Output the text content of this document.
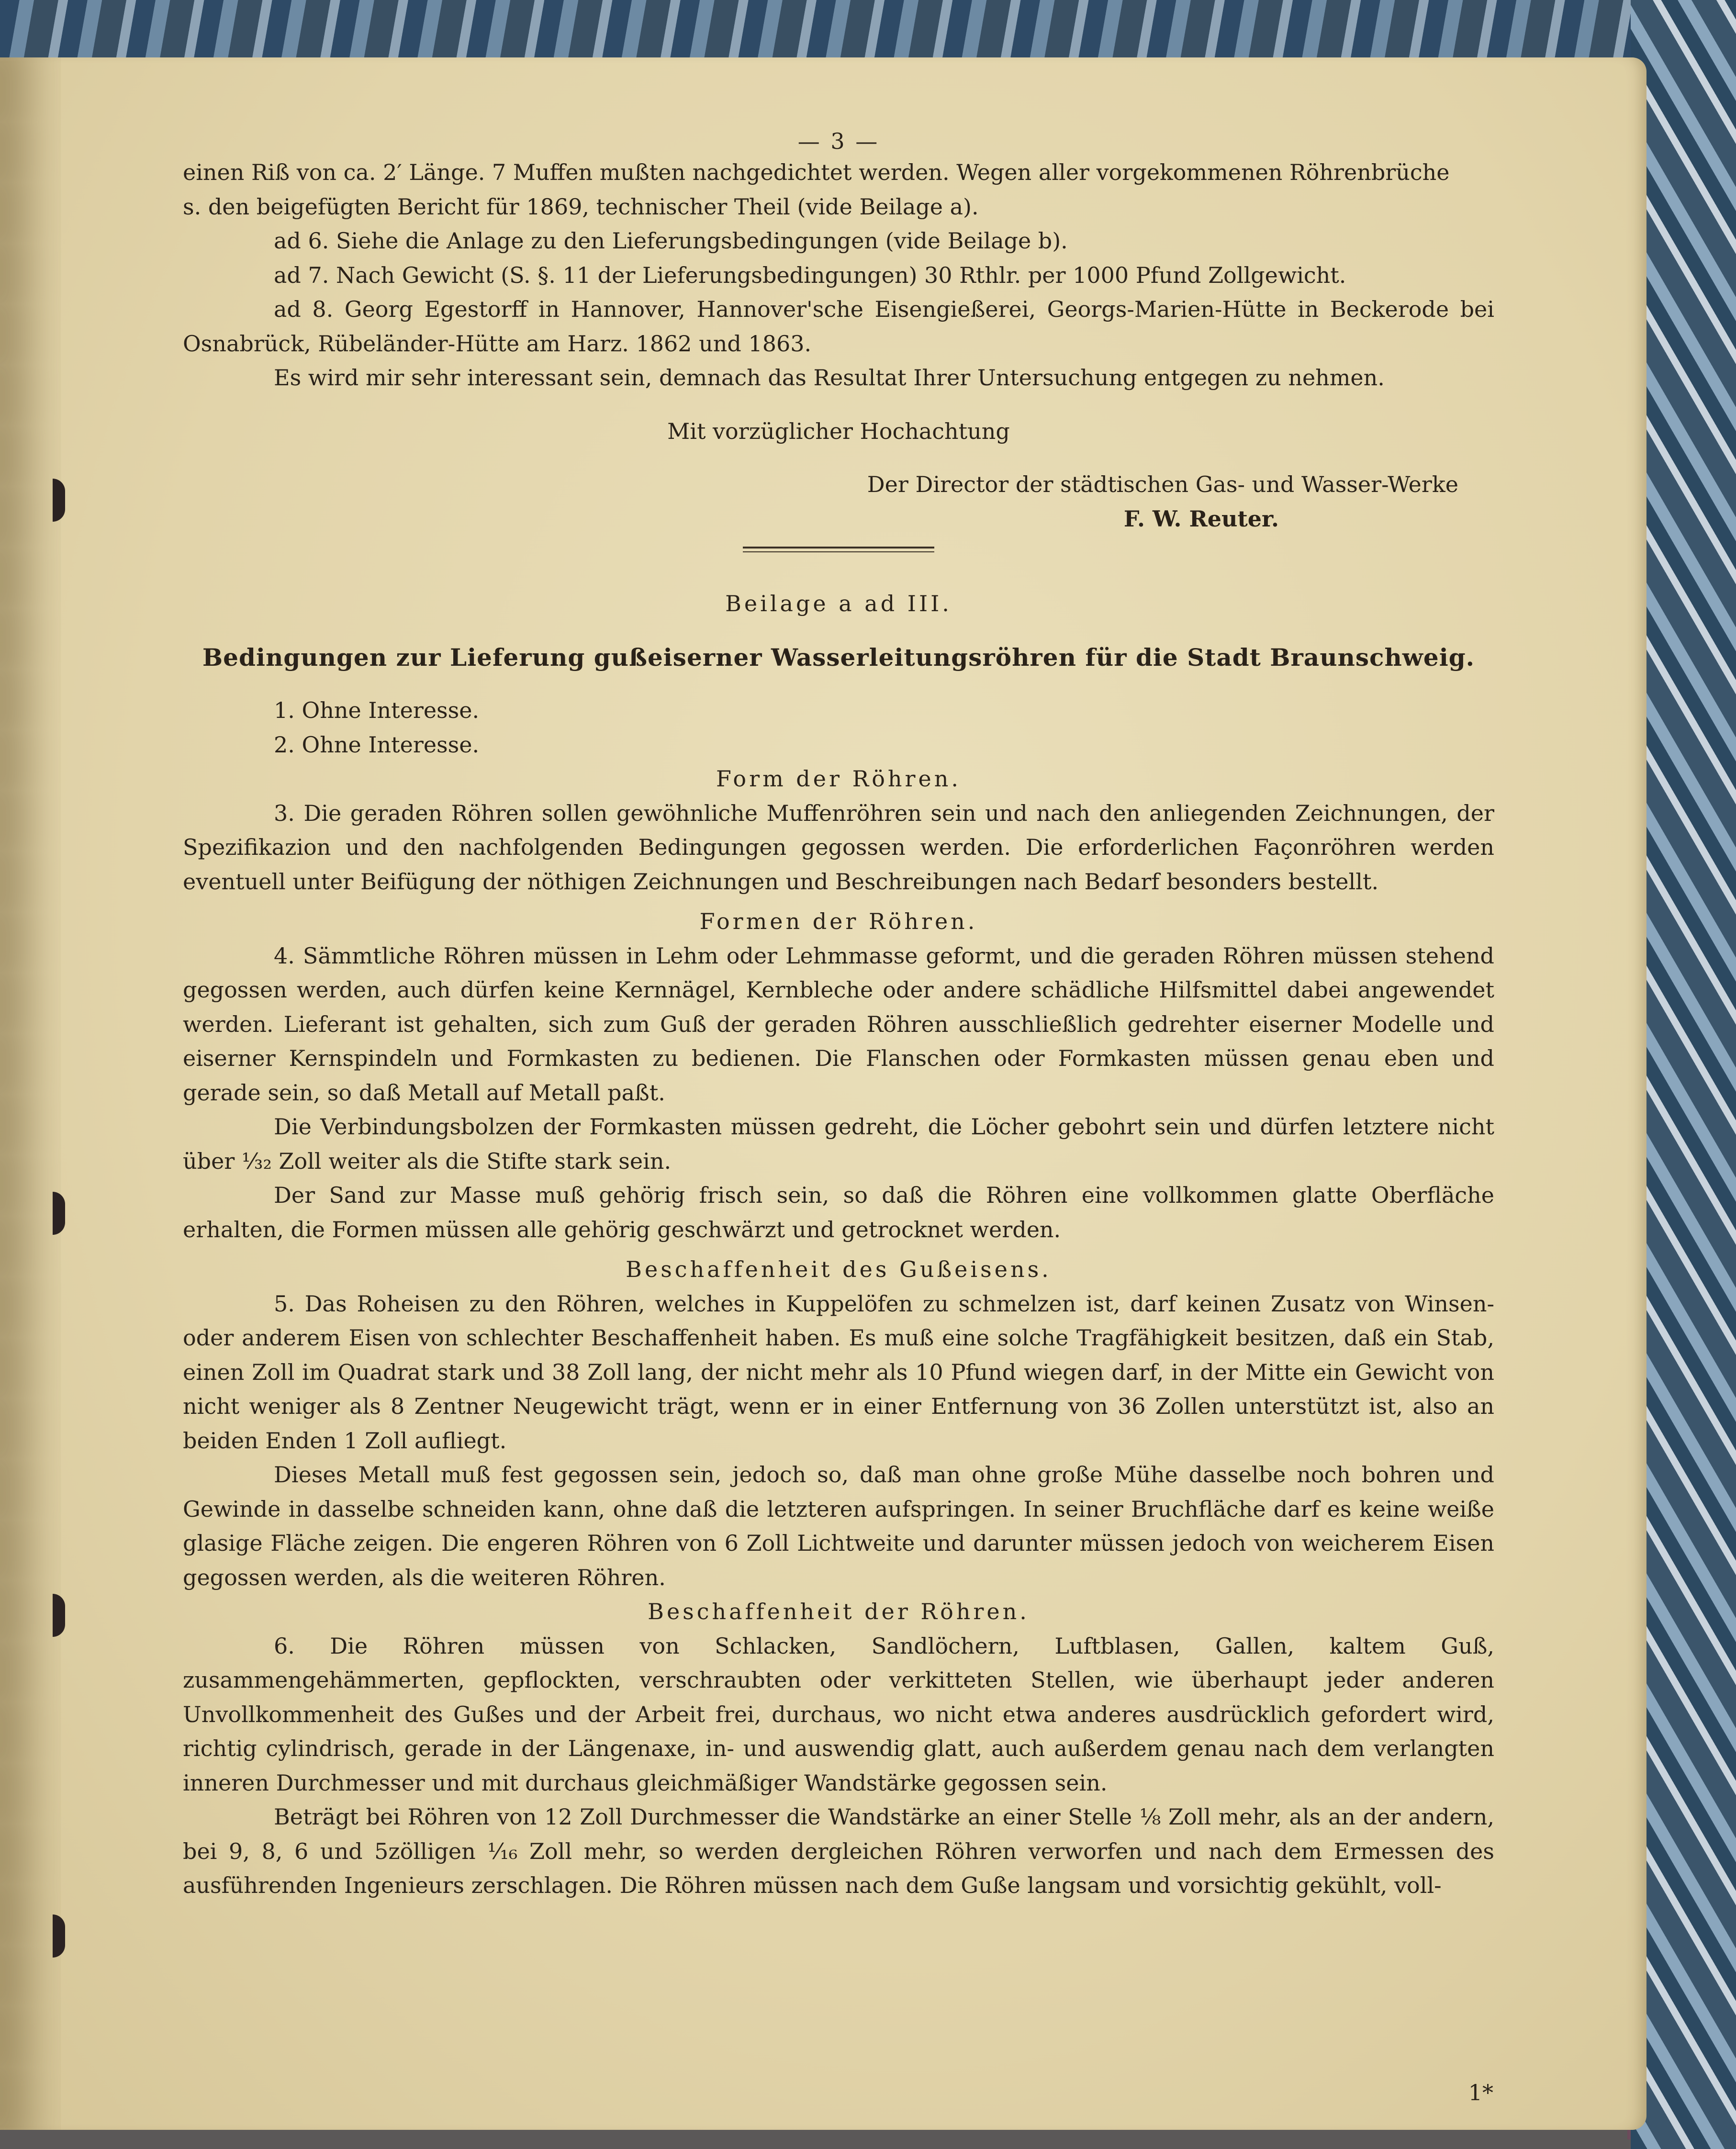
— 3 —

einen Riß von ca. 2′ Länge. 7 Muffen mußten nachgedichtet werden. Wegen aller vorgekommenen Röhrenbrüche

s. den beigefügten Bericht für 1869, technischer Theil (vide Beilage a).

ad 6. Siehe die Anlage zu den Lieferungsbedingungen (vide Beilage b).

ad 7. Nach Gewicht (S. §. 11 der Lieferungsbedingungen) 30 Rthlr. per 1000 Pfund Zollgewicht.

ad 8. Georg Egestorff in Hannover, Hannover'sche Eisengießerei, Georgs-Marien-Hütte in Beckerode bei Osnabrück, Rübeländer-Hütte am Harz. 1862 und 1863.

Es wird mir sehr interessant sein, demnach das Resultat Ihrer Untersuchung entgegen zu nehmen.

Mit vorzüglicher Hochachtung

Der Director der städtischen Gas- und Wasser-Werke

F. W. Reuter.

Beilage a ad III.

Bedingungen zur Lieferung gußeiserner Wasserleitungsröhren für die Stadt Braunschweig.

1. Ohne Interesse.

2. Ohne Interesse.

Form der Röhren.

3. Die geraden Röhren sollen gewöhnliche Muffenröhren sein und nach den anliegenden Zeichnungen, der Spezifikazion und den nachfolgenden Bedingungen gegossen werden. Die erforderlichen Façonröhren werden eventuell unter Beifügung der nöthigen Zeichnungen und Beschreibungen nach Bedarf besonders bestellt.

Formen der Röhren.

4. Sämmtliche Röhren müssen in Lehm oder Lehmmasse geformt, und die geraden Röhren müssen stehend gegossen werden, auch dürfen keine Kernnägel, Kernbleche oder andere schädliche Hilfsmittel dabei angewendet werden. Lieferant ist gehalten, sich zum Guß der geraden Röhren ausschließlich gedrehter eiserner Modelle und eiserner Kernspindeln und Formkasten zu bedienen. Die Flanschen oder Formkasten müssen genau eben und gerade sein, so daß Metall auf Metall paßt.

Die Verbindungsbolzen der Formkasten müssen gedreht, die Löcher gebohrt sein und dürfen letztere nicht über ¹⁄₃₂ Zoll weiter als die Stifte stark sein.

Der Sand zur Masse muß gehörig frisch sein, so daß die Röhren eine vollkommen glatte Oberfläche erhalten, die Formen müssen alle gehörig geschwärzt und getrocknet werden.

Beschaffenheit des Gußeisens.

5. Das Roheisen zu den Röhren, welches in Kuppelöfen zu schmelzen ist, darf keinen Zusatz von Winsen- oder anderem Eisen von schlechter Beschaffenheit haben. Es muß eine solche Tragfähigkeit besitzen, daß ein Stab, einen Zoll im Quadrat stark und 38 Zoll lang, der nicht mehr als 10 Pfund wiegen darf, in der Mitte ein Gewicht von nicht weniger als 8 Zentner Neugewicht trägt, wenn er in einer Entfernung von 36 Zollen unterstützt ist, also an beiden Enden 1 Zoll aufliegt.

Dieses Metall muß fest gegossen sein, jedoch so, daß man ohne große Mühe dasselbe noch bohren und Gewinde in dasselbe schneiden kann, ohne daß die letzteren aufspringen. In seiner Bruchfläche darf es keine weiße glasige Fläche zeigen. Die engeren Röhren von 6 Zoll Lichtweite und darunter müssen jedoch von weicherem Eisen gegossen werden, als die weiteren Röhren.

Beschaffenheit der Röhren.

6. Die Röhren müssen von Schlacken, Sandlöchern, Luftblasen, Gallen, kaltem Guß, zusammengehämmerten, gepflockten, verschraubten oder verkitteten Stellen, wie überhaupt jeder anderen Unvollkommenheit des Gußes und der Arbeit frei, durchaus, wo nicht etwa anderes ausdrücklich gefordert wird, richtig cylindrisch, gerade in der Längenaxe, in- und auswendig glatt, auch außerdem genau nach dem verlangten inneren Durchmesser und mit durchaus gleichmäßiger Wandstärke gegossen sein.

Beträgt bei Röhren von 12 Zoll Durchmesser die Wandstärke an einer Stelle ¹⁄₈ Zoll mehr, als an der andern, bei 9, 8, 6 und 5zölligen ¹⁄₁₆ Zoll mehr, so werden dergleichen Röhren verworfen und nach dem Ermessen des ausführenden Ingenieurs zerschlagen. Die Röhren müssen nach dem Guße langsam und vorsichtig gekühlt, voll-

1*
